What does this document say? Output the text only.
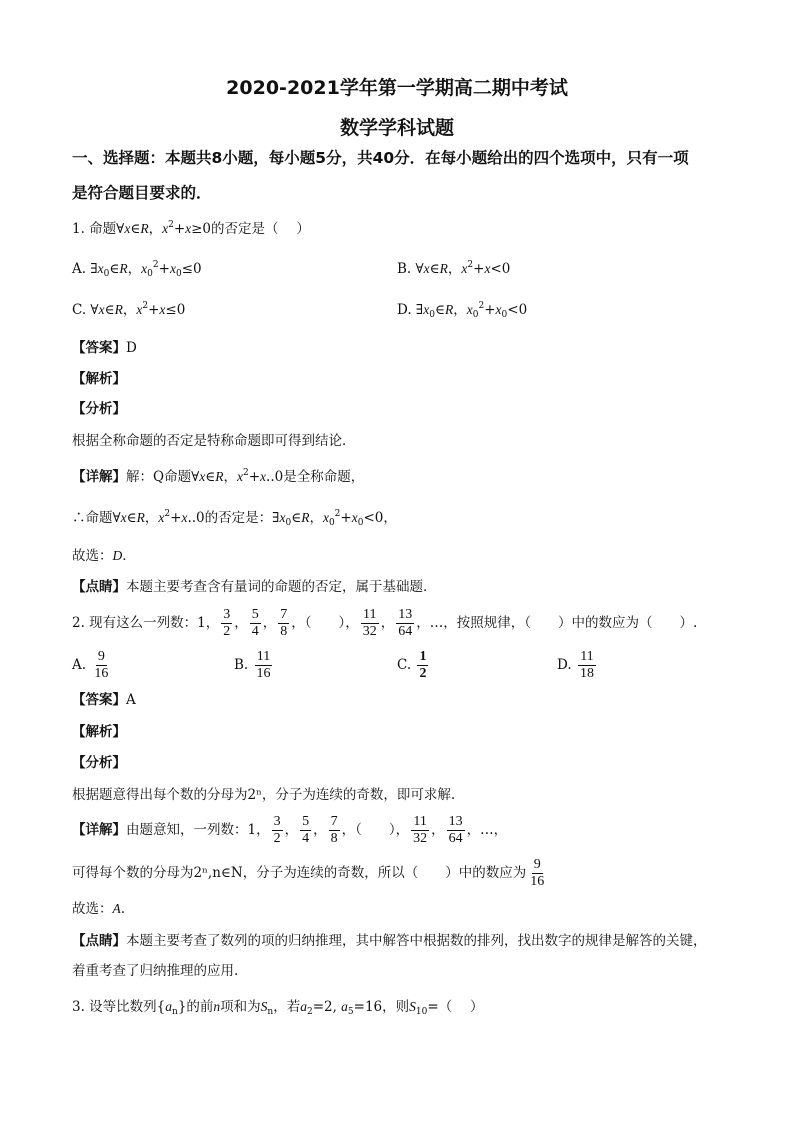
2020-2021学年第一学期高二期中考试
数学学科试题
一、选择题：本题共8小题，每小题5分，共40分．在每小题给出的四个选项中，只有一项
是符合题目要求的．
1. 命题∀x∈R，$x^2+x\ge 0$的否定是（　 ）
A. $\exists x_0\in R$，$x_0^2+x_0\le 0$	B. ∀x∈R，$x^2+x<0$
C. ∀x∈R，$x^2+x\le 0$	D. $\exists x_0\in R$，$x_0^2+x_0<0$
【答案】D
【解析】
【分析】
根据全称命题的否定是特称命题即可得到结论．
【详解】解：Q命题∀x∈R，$x^2+x..0$是全称命题，
∴命题∀x∈R，$x^2+x..0$的否定是：$\exists x_0\in R$，$x_0^2+x_0<0$，
故选：D．
【点睛】本题主要考查含有量词的命题的否定，属于基础题．
2. 现有这么一列数：1， $\frac{3}{2}$ ， $\frac{5}{4}$ ， $\frac{7}{8}$ ，（　　）， $\frac{11}{32}$ ， $\frac{13}{64}$ ，…，按照规律，（　　）中的数应为（　　）.
A. $\frac{9}{16}$	B. $\frac{11}{16}$	C. $\frac{1}{2}$	D. $\frac{11}{18}$
【答案】A
【解析】
【分析】
根据题意得出每个数的分母为2ⁿ，分子为连续的奇数，即可求解.
【详解】由题意知，一列数：1， $\frac{3}{2}$ ， $\frac{5}{4}$ ， $\frac{7}{8}$ ，（　　）， $\frac{11}{32}$ ， $\frac{13}{64}$ ，…，
可得每个数的分母为2ⁿ,n∈N，分子为连续的奇数，所以（　　）中的数应为 $\frac{9}{16}$
故选：A.
【点睛】本题主要考查了数列的项的归纳推理，其中解答中根据数的排列，找出数字的规律是解答的关键，
着重考查了归纳推理的应用.
3. 设等比数列$\{a_n\}$的前n项和为$S_n$，若$a_2=2$, $a_5=16$，则$S_{10}=$（　 ）
